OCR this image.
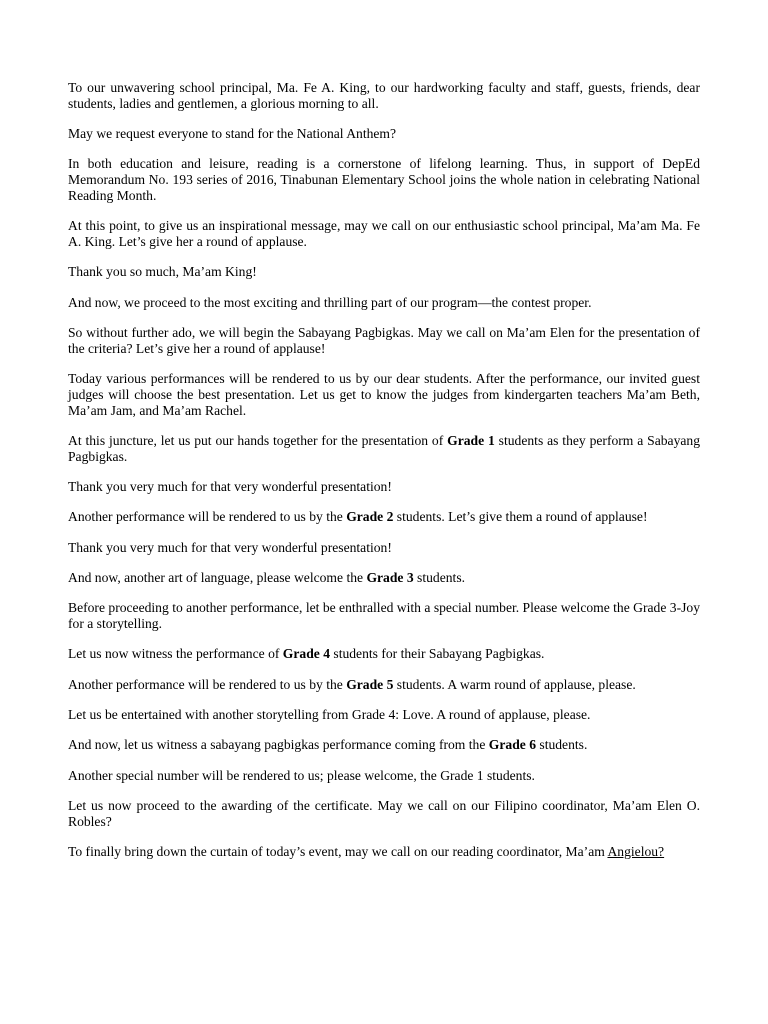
To our unwavering school principal, Ma. Fe A. King, to our hardworking faculty and staff, guests, friends, dear students, ladies and gentlemen, a glorious morning to all.

May we request everyone to stand for the National Anthem?

In both education and leisure, reading is a cornerstone of lifelong learning. Thus, in support of DepEd Memorandum No. 193 series of 2016, Tinabunan Elementary School joins the whole nation in celebrating National Reading Month.

At this point, to give us an inspirational message, may we call on our enthusiastic school principal, Ma’am Ma. Fe A. King. Let’s give her a round of applause.

Thank you so much, Ma’am King!

And now, we proceed to the most exciting and thrilling part of our program—the contest proper.

So without further ado, we will begin the Sabayang Pagbigkas. May we call on Ma’am Elen for the presentation of the criteria? Let’s give her a round of applause!

Today various performances will be rendered to us by our dear students. After the performance, our invited guest judges will choose the best presentation. Let us get to know the judges from kindergarten teachers Ma’am Beth, Ma’am Jam, and Ma’am Rachel.

At this juncture, let us put our hands together for the presentation of Grade 1 students as they perform a Sabayang Pagbigkas.

Thank you very much for that very wonderful presentation!

Another performance will be rendered to us by the Grade 2 students. Let’s give them a round of applause!

Thank you very much for that very wonderful presentation!

And now, another art of language, please welcome the Grade 3 students.

Before proceeding to another performance, let be enthralled with a special number. Please welcome the Grade 3-Joy for a storytelling.

Let us now witness the performance of Grade 4 students for their Sabayang Pagbigkas.

Another performance will be rendered to us by the Grade 5 students. A warm round of applause, please.

Let us be entertained with another storytelling from Grade 4: Love. A round of applause, please.

And now, let us witness a sabayang pagbigkas performance coming from the Grade 6 students.

Another special number will be rendered to us; please welcome, the Grade 1 students.

Let us now proceed to the awarding of the certificate. May we call on our Filipino coordinator, Ma’am Elen O. Robles?

To finally bring down the curtain of today’s event, may we call on our reading coordinator, Ma’am Angielou?
